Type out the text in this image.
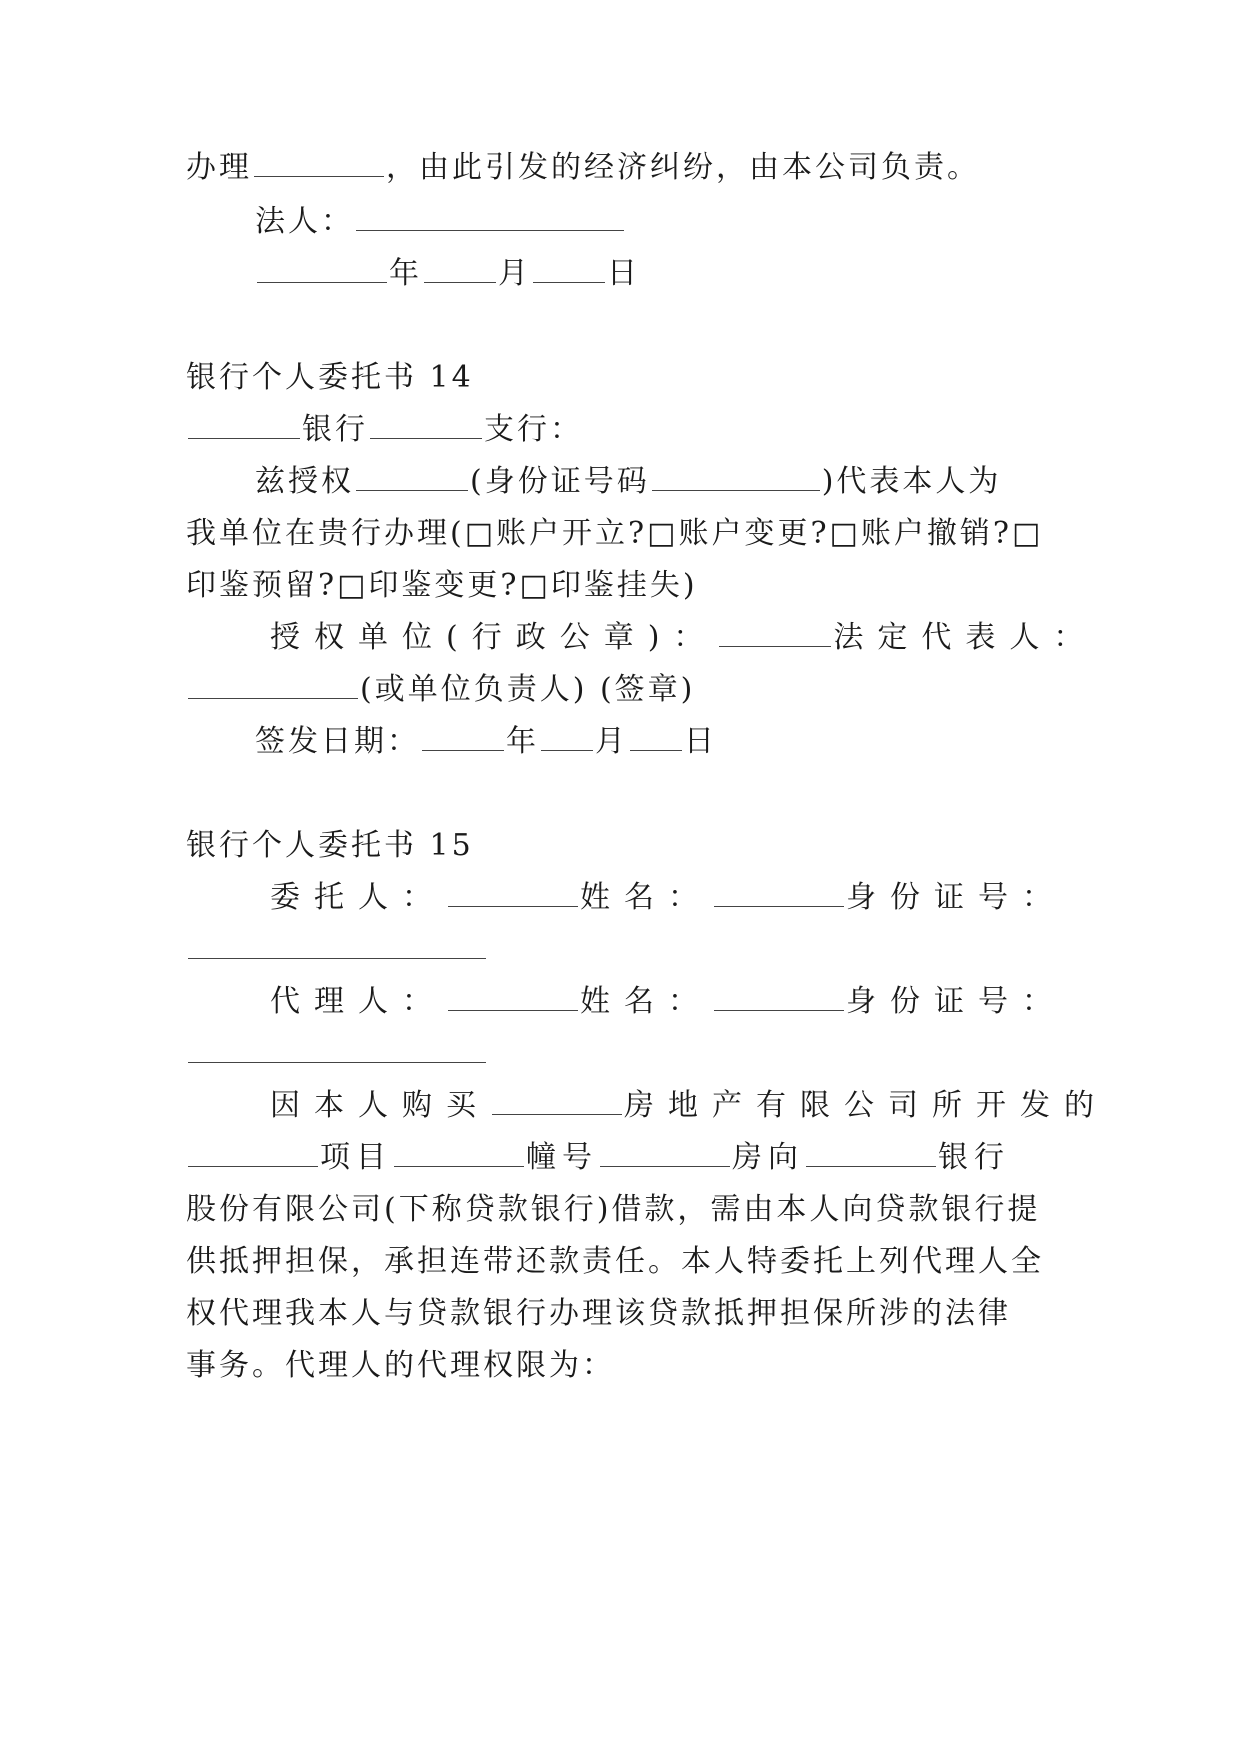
办理	，由此引发的经济纠纷，由本公司负责。
法人：
年	月	日
银行个人委托书 14
银行	支行：
兹授权	(身份证号码	)代表本人为
我单位在贵行办理(□账户开立?□账户变更?□账户撤销?□
印鉴预留?□印鉴变更?□印鉴挂失)
授权单位(行政公章)：	法定代表人：
(或单位负责人) (签章)
签发日期：	年 月 日
银行个人委托书 15
委托人：	姓名：	身份证号：
代理人：	姓名：	身份证号：
因本人购买	房地产有限公司所开发的
项目	幢号	房向	银行
股份有限公司(下称贷款银行)借款，需由本人向贷款银行提
供抵押担保，承担连带还款责任。本人特委托上列代理人全
权代理我本人与贷款银行办理该贷款抵押担保所涉的法律
事务。代理人的代理权限为：
